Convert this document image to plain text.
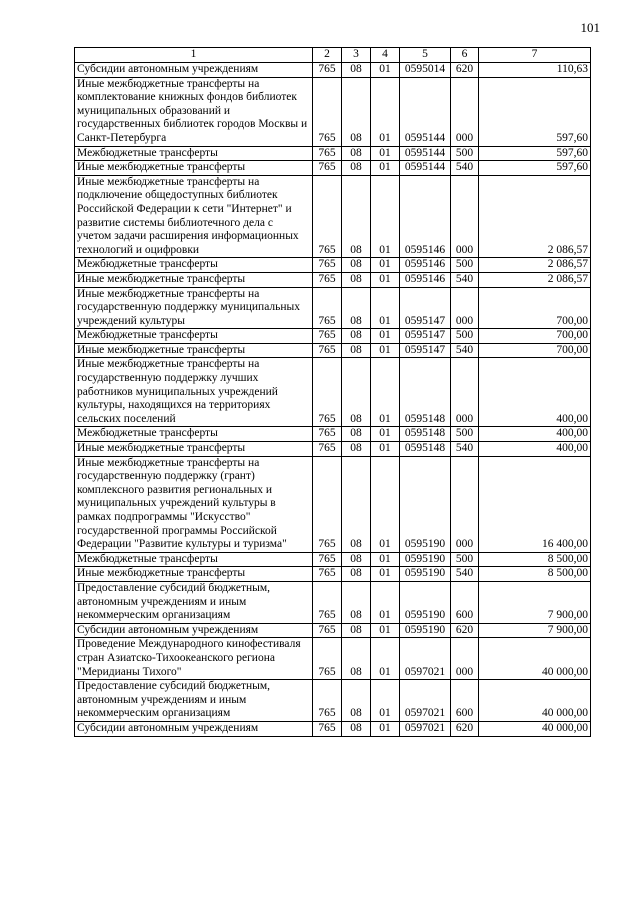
101
1	2	3	4	5	6	7
Субсидии автономным учреждениям	765	08	01	0595014	620	110,63
Иные межбюджетные трансферты на комплектование книжных фондов библиотек муниципальных образований и государственных библиотек городов Москвы и Санкт-Петербурга	765	08	01	0595144	000	597,60
Межбюджетные трансферты	765	08	01	0595144	500	597,60
Иные межбюджетные трансферты	765	08	01	0595144	540	597,60
Иные межбюджетные трансферты на подключение общедоступных библиотек Российской Федерации к сети "Интернет" и развитие системы библиотечного дела с учетом задачи расширения информационных технологий и оцифровки	765	08	01	0595146	000	2 086,57
Межбюджетные трансферты	765	08	01	0595146	500	2 086,57
Иные межбюджетные трансферты	765	08	01	0595146	540	2 086,57
Иные межбюджетные трансферты на государственную поддержку муниципальных учреждений культуры	765	08	01	0595147	000	700,00
Межбюджетные трансферты	765	08	01	0595147	500	700,00
Иные межбюджетные трансферты	765	08	01	0595147	540	700,00
Иные межбюджетные трансферты на государственную поддержку лучших работников муниципальных учреждений культуры, находящихся на территориях сельских поселений	765	08	01	0595148	000	400,00
Межбюджетные трансферты	765	08	01	0595148	500	400,00
Иные межбюджетные трансферты	765	08	01	0595148	540	400,00
Иные межбюджетные трансферты на государственную поддержку (грант) комплексного развития региональных и муниципальных учреждений культуры в рамках подпрограммы "Искусство" государственной программы Российской Федерации "Развитие культуры и туризма"	765	08	01	0595190	000	16 400,00
Межбюджетные трансферты	765	08	01	0595190	500	8 500,00
Иные межбюджетные трансферты	765	08	01	0595190	540	8 500,00
Предоставление субсидий бюджетным, автономным учреждениям и иным некоммерческим организациям	765	08	01	0595190	600	7 900,00
Субсидии автономным учреждениям	765	08	01	0595190	620	7 900,00
Проведение Международного кинофестиваля стран Азиатско-Тихоокеанского региона "Меридианы Тихого"	765	08	01	0597021	000	40 000,00
Предоставление субсидий бюджетным, автономным учреждениям и иным некоммерческим организациям	765	08	01	0597021	600	40 000,00
Субсидии автономным учреждениям	765	08	01	0597021	620	40 000,00
